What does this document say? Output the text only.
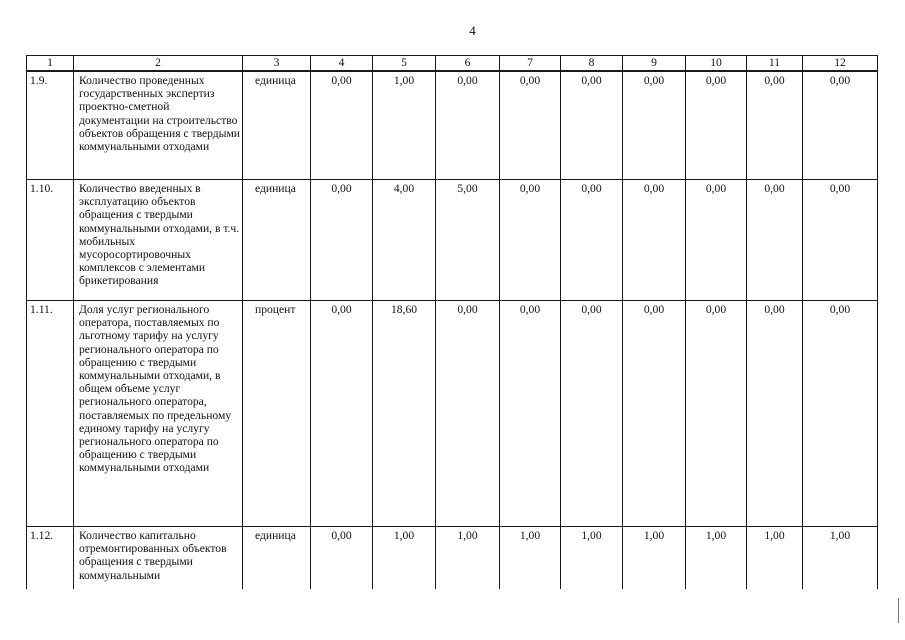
4
1	2	3	4	5	6	7	8	9	10	11	12
1.9.	Количество проведенных государственных экспертиз проектно-сметной документации на строительство объектов обращения с твердыми коммунальными отходами	единица	0,00	1,00	0,00	0,00	0,00	0,00	0,00	0,00	0,00
1.10.	Количество введенных в эксплуатацию объектов обращения с твердыми коммунальными отходами, в т.ч. мобильных мусоросортировочных комплексов с элементами брикетирования	единица	0,00	4,00	5,00	0,00	0,00	0,00	0,00	0,00	0,00
1.11.	Доля услуг регионального оператора, поставляемых по льготному тарифу на услугу регионального оператора по обращению с твердыми коммунальными отходами, в общем объеме услуг регионального оператора, поставляемых по предельному единому тарифу на услугу регионального оператора по обращению с твердыми коммунальными отходами	процент	0,00	18,60	0,00	0,00	0,00	0,00	0,00	0,00	0,00
1.12.	Количество капитально отремонтированных объектов обращения с твердыми коммунальными	единица	0,00	1,00	1,00	1,00	1,00	1,00	1,00	1,00	1,00
